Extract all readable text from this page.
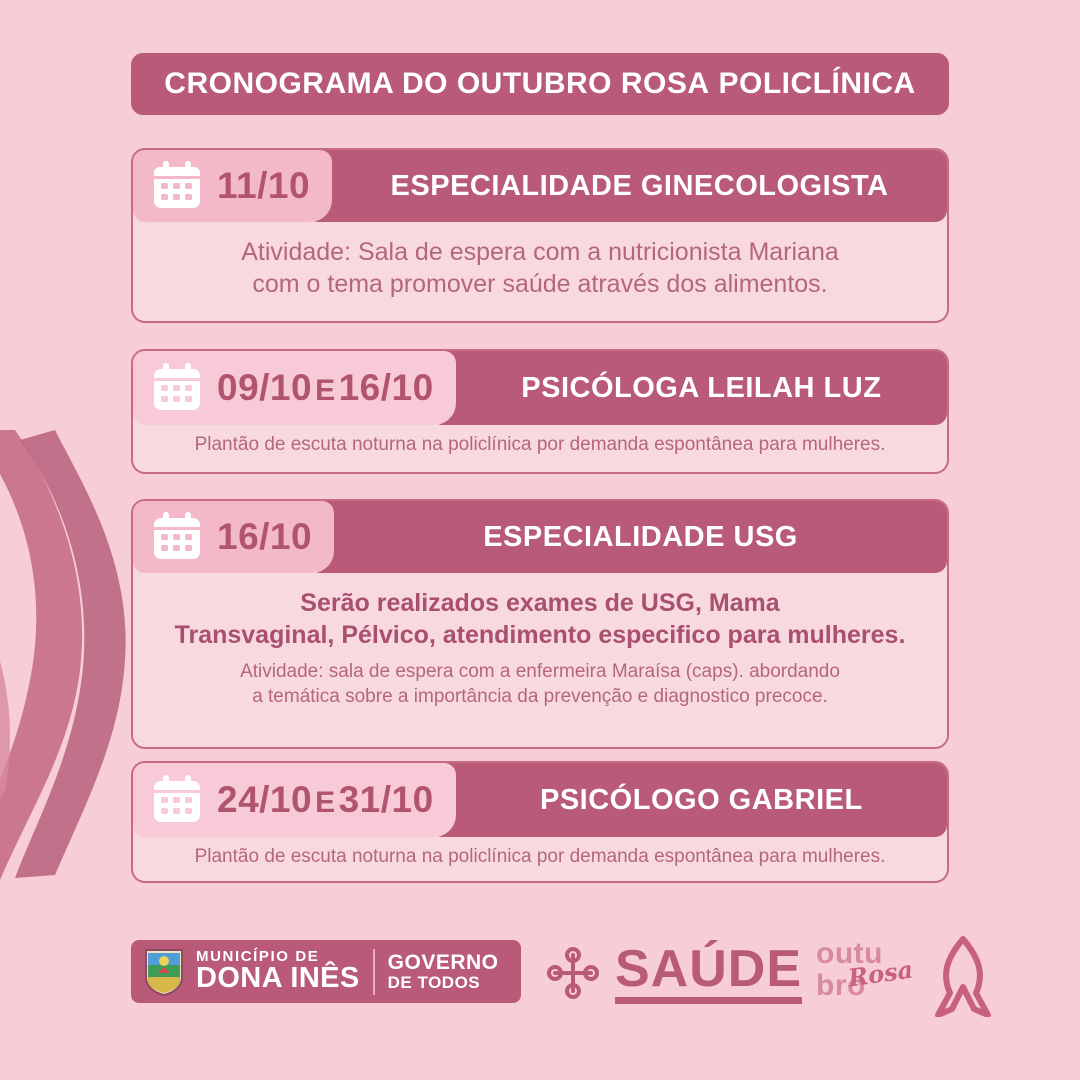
CRONOGRAMA DO OUTUBRO ROSA POLICLÍNICA
11/10	ESPECIALIDADE GINECOLOGISTA
Atividade: Sala de espera com a nutricionista Mariana
com o tema promover saúde através dos alimentos.
09/10 E16/10	PSICÓLOGA LEILAH LUZ
Plantão de escuta noturna na policlínica por demanda espontânea para mulheres.
16/10	ESPECIALIDADE USG
Serão realizados exames de USG, Mama
Transvaginal, Pélvico, atendimento especifico para mulheres.
Atividade: sala de espera com a enfermeira Maraísa (caps). abordando
a temática sobre a importância da prevenção e diagnostico precoce.
24/10 E31/10	PSICÓLOGO GABRIEL
Plantão de escuta noturna na policlínica por demanda espontânea para mulheres.
MUNICÍPIO DE
DONA INÊS
GOVERNO
DE TODOS	SAÚDE outu
bro
Rosa
